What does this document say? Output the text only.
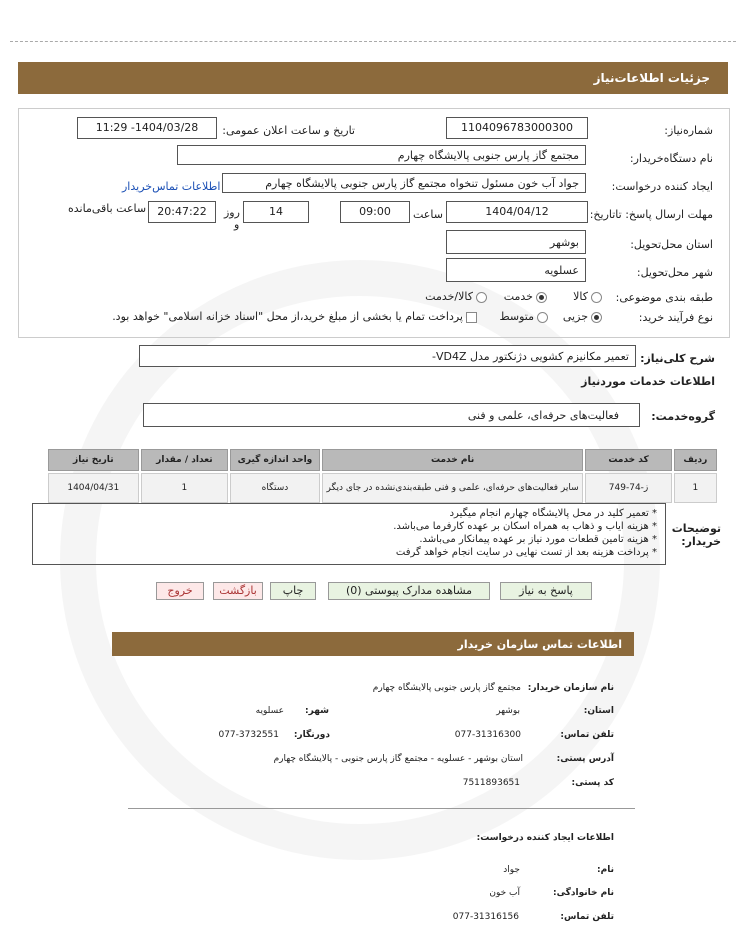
جزئیات اطلاعات‌نیاز
شماره‌نیاز:
1104096783000300
تاریخ و ساعت اعلان عمومی:
1404/03/28- 11:29
نام دستگاه‌خریدار:
مجتمع گاز پارس جنوبی پالایشگاه چهارم
ایجاد کننده درخواست:
جواد آب خون مسئول تنخواه مجتمع گاز پارس جنوبی پالایشگاه چهارم
اطلاعات تماس‌خریدار
مهلت ارسال پاسخ: تاتاریخ:
1404/04/12
ساعت
09:00
14
روز
و
20:47:22
ساعت باقی‌مانده
استان محل‌تحویل:
بوشهر
شهر محل‌تحویل:
عسلویه
طبقه بندی موضوعی:
کالا
خدمت
کالا/خدمت
نوع فرآیند خرید:
جزیی
متوسط
پرداخت تمام یا بخشی از مبلغ خرید،از محل "اسناد خزانه اسلامی" خواهد بود.
شرح کلی‌نیاز:
تعمیر مکانیزم کشویی دژنکتور مدل VD4Z-
اطلاعات خدمات موردنیاز
گروه‌خدمت:
فعالیت‌های حرفه‌ای، علمی و فنی
ردیف	کد خدمت	نام خدمت	واحد اندازه گیری	تعداد / مقدار	تاریخ نیاز
1	ز-74-749	سایر فعالیت‌های حرفه‌ای، علمی و فنی طبقه‌بندی‌نشده در جای دیگر	دستگاه	1	1404/04/31
توضیحات خریدار:
* تعمیر کلید در محل پالایشگاه چهارم انجام میگیرد
* هزینه ایاب و ذهاب به همراه اسکان بر عهده کارفرما می‌باشد.
* هزینه تامین قطعات مورد نیاز بر عهده پیمانکار می‌باشد.
* پرداخت هزینه بعد از تست نهایی در سایت انجام خواهد گرفت
پاسخ به نیاز
مشاهده مدارک پیوستی (0)
چاپ
بازگشت
خروج
اطلاعات تماس سازمان خریدار
نام سازمان خریدار:
مجتمع گاز پارس جنوبی پالایشگاه چهارم
استان:
بوشهر
شهر:
عسلویه
تلفن تماس:
077-31316300
دورنگار:
077-3732551
آدرس پستی:
استان بوشهر - عسلویه - مجتمع گاز پارس جنوبی - پالایشگاه چهارم
کد پستی:
7511893651
اطلاعات ایجاد کننده درخواست:
نام:
جواد
نام خانوادگی:
آب خون
تلفن تماس:
077-31316156
